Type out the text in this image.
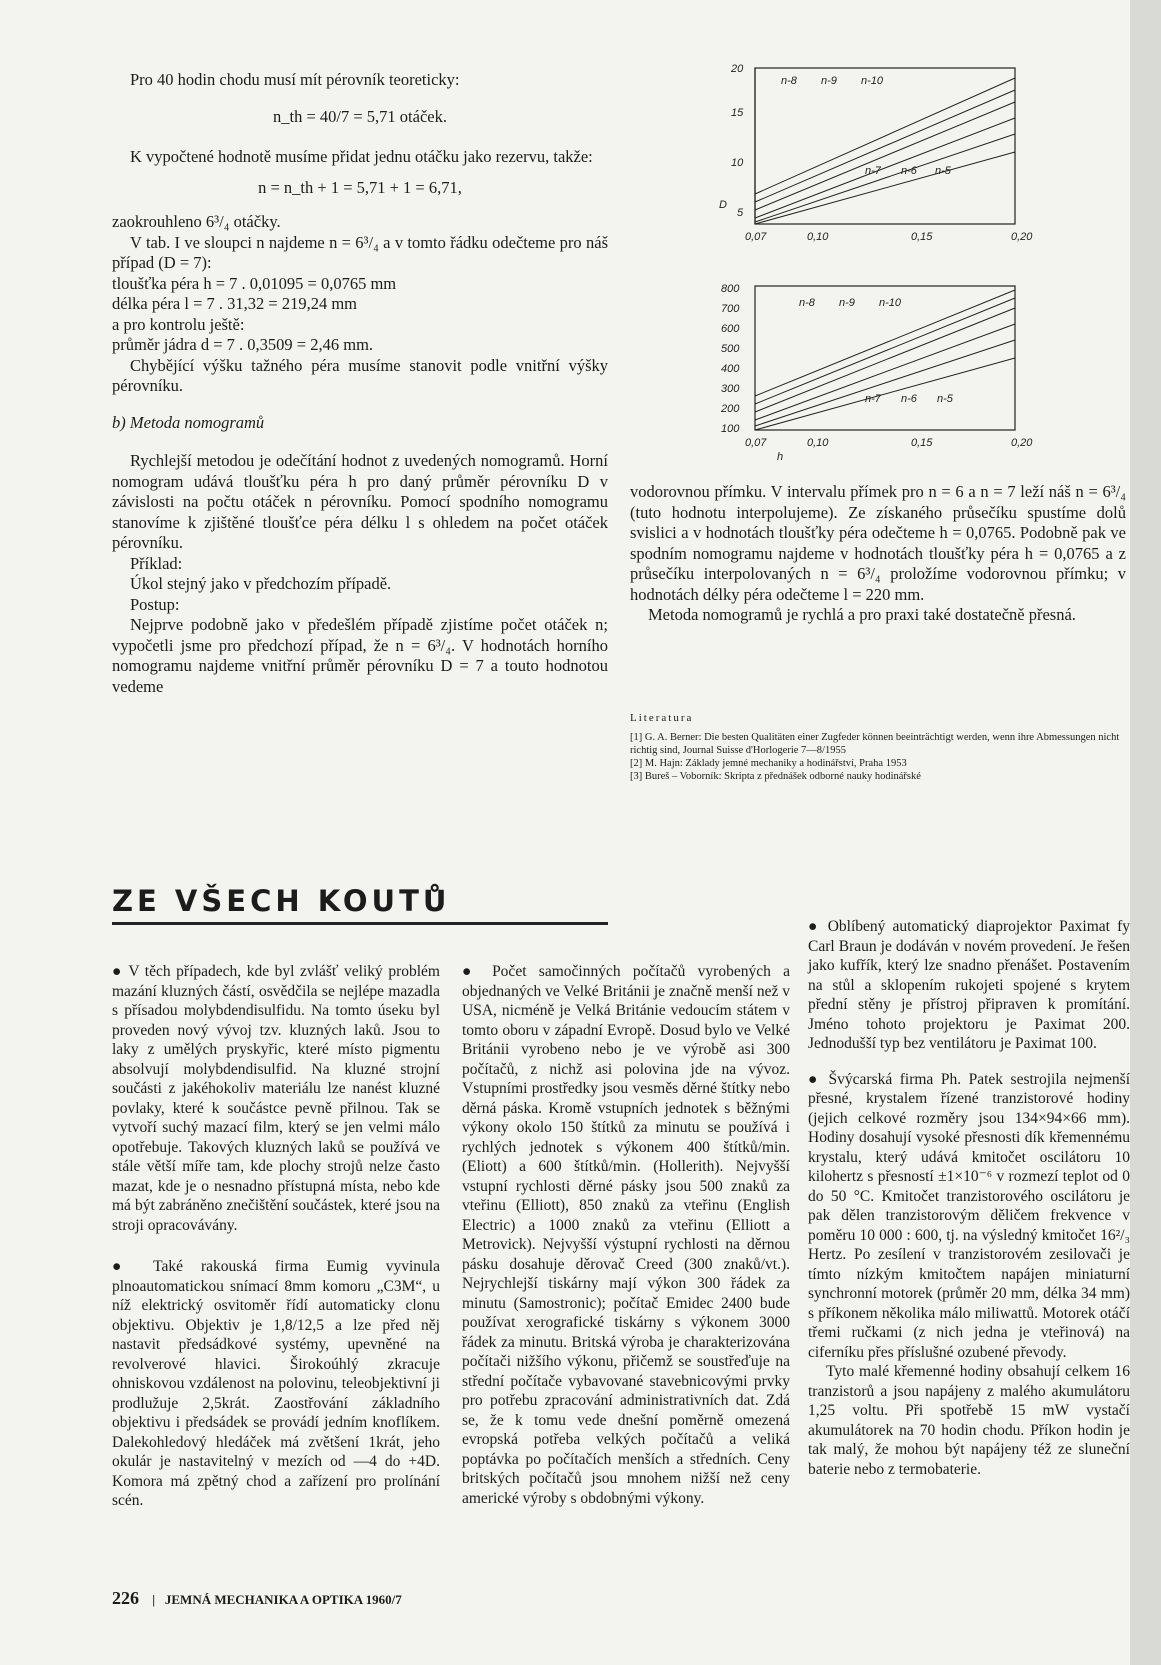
Pro 40 hodin chodu musí mít pérovník teoreticky:

n_th = 40/7 = 5,71 otáček.

K vypočtené hodnotě musíme přidat jednu otáčku jako rezervu, takže:

n = n_th + 1 = 5,71 + 1 = 6,71,

zaokrouhleno 6³/₄ otáčky.

V tab. I ve sloupci n najdeme n = 6³/₄ a v tomto řádku odečteme pro náš případ (D = 7):

tloušťka péra h = 7 . 0,01095 = 0,0765 mm

délka péra l = 7 . 31,32 = 219,24 mm

a pro kontrolu ještě:

průměr jádra d = 7 . 0,3509 = 2,46 mm.

Chybějící výšku tažného péra musíme stanovit podle vnitřní výšky pérovníku.

b) Metoda nomogramů

Rychlejší metodou je odečítání hodnot z uvedených nomogramů. Horní nomogram udává tloušťku péra h pro daný průměr pérovníku D v závislosti na počtu otáček n pérovníku. Pomocí spodního nomogramu stanovíme k zjištěné tloušťce péra délku l s ohledem na počet otáček pérovníku.

Příklad:

Úkol stejný jako v předchozím případě.

Postup:

Nejprve podobně jako v předešlém případě zjistíme počet otáček n; vypočetli jsme pro předchozí případ, že n = 6³/₄. V hodnotách horního nomogramu najdeme vnitřní průměr pérovníku D = 7 a touto hodnotou vedeme

20
15
10
5
D
0,07	0,10	0,15	0,20
n-8 n-9 n-10
n-7 n-6 n-5
800
700
600
500
400
300
200
100
0,07	0,10	0,15	0,20
h
n-8 n-9 n-10
n-7 n-6 n-5

vodorovnou přímku. V intervalu přímek pro n = 6 a n = 7 leží náš n = 6³/₄ (tuto hodnotu interpolujeme). Ze získaného průsečíku spustíme dolů svislici a v hodnotách tloušťky péra odečteme h = 0,0765. Podobně pak ve spodním nomogramu najdeme v hodnotách tloušťky péra h = 0,0765 a z průsečíku interpolovaných n = 6³/₄ proložíme vodorovnou přímku; v hodnotách délky péra odečteme l = 220 mm.

Metoda nomogramů je rychlá a pro praxi také dostatečně přesná.

Literatura
[1] G. A. Berner: Die besten Qualitäten einer Zugfeder können beeinträchtigt werden, wenn ihre Abmessungen nicht richtig sind, Journal Suisse d'Horlogerie 7—8/1955
[2] M. Hajn: Základy jemné mechaniky a hodinářství, Praha 1953
[3] Bureš – Voborník: Skripta z přednášek odborné nauky hodinářské
ZE VŠECH KOUTŮ

● V těch případech, kde byl zvlášť veliký problém mazání kluzných částí, osvědčila se nejlépe mazadla s přísadou molybdendisulfidu. Na tomto úseku byl proveden nový vývoj tzv. kluzných laků. Jsou to laky z umělých pryskyřic, které místo pigmentu absolvují molybdendisulfid. Na kluzné strojní součásti z jakéhokoliv materiálu lze nanést kluzné povlaky, které k součástce pevně přilnou. Tak se vytvoří suchý mazací film, který se jen velmi málo opotřebuje. Takových kluzných laků se používá ve stále větší míře tam, kde plochy strojů nelze často mazat, kde je o nesnadno přístupná místa, nebo kde má být zabráněno znečištění součástek, které jsou na stroji opracovávány.

● Také rakouská firma Eumig vyvinula plnoautomatickou snímací 8mm komoru „C3M“, u níž elektrický osvitoměr řídí automaticky clonu objektivu. Objektiv je 1,8/12,5 a lze před něj nastavit předsádkové systémy, upevněné na revolverové hlavici. Širokoúhlý zkracuje ohniskovou vzdálenost na polovinu, teleobjektivní ji prodlužuje 2,5krát. Zaostřování základního objektivu i předsádek se provádí jedním knoflíkem. Dalekohledový hledáček má zvětšení 1krát, jeho okulár je nastavitelný v mezích od —4 do +4D. Komora má zpětný chod a zařízení pro prolínání scén.

● Počet samočinných počítačů vyrobených a objednaných ve Velké Británii je značně menší než v USA, nicméně je Velká Británie vedoucím státem v tomto oboru v západní Evropě. Dosud bylo ve Velké Británii vyrobeno nebo je ve výrobě asi 300 počítačů, z nichž asi polovina jde na vývoz. Vstupními prostředky jsou vesměs děrné štítky nebo děrná páska. Kromě vstupních jednotek s běžnými výkony okolo 150 štítků za minutu se používá i rychlých jednotek s výkonem 400 štítků/min. (Eliott) a 600 štítků/min. (Hollerith). Nejvyšší vstupní rychlosti děrné pásky jsou 500 znaků za vteřinu (Elliott), 850 znaků za vteřinu (English Electric) a 1000 znaků za vteřinu (Elliott a Metrovick). Nejvyšší výstupní rychlosti na děrnou pásku dosahuje děrovač Creed (300 znaků/vt.). Nejrychlejší tiskárny mají výkon 300 řádek za minutu (Samostronic); počítač Emidec 2400 bude používat xerografické tiskárny s výkonem 3000 řádek za minutu. Britská výroba je charakterizována počítači nižšího výkonu, přičemž se soustřeďuje na střední počítače vybavované stavebnicovými prvky pro potřebu zpracování administrativních dat. Zdá se, že k tomu vede dnešní poměrně omezená evropská potřeba velkých počítačů a veliká poptávka po počítačích menších a středních. Ceny britských počítačů jsou mnohem nižší než ceny americké výroby s obdobnými výkony.

● Oblíbený automatický diaprojektor Paximat fy Carl Braun je dodáván v novém provedení. Je řešen jako kufřík, který lze snadno přenášet. Postavením na stůl a sklopením rukojeti spojené s krytem přední stěny je přístroj připraven k promítání. Jméno tohoto projektoru je Paximat 200. Jednodušší typ bez ventilátoru je Paximat 100.

● Švýcarská firma Ph. Patek sestrojila nejmenší přesné, krystalem řízené tranzistorové hodiny (jejich celkové rozměry jsou 134×94×66 mm). Hodiny dosahují vysoké přesnosti dík křemennému krystalu, který udává kmitočet oscilátoru 10 kilohertz s přesností ±1×10⁻⁶ v rozmezí teplot od 0 do 50 °C. Kmitočet tranzistorového oscilátoru je pak dělen tranzistorovým děličem frekvence v poměru 10 000 : 600, tj. na výsledný kmitočet 16²/₃ Hertz. Po zesílení v tranzistorovém zesilovači je tímto nízkým kmitočtem napájen miniaturní synchronní motorek (průměr 20 mm, délka 34 mm) s příkonem několika málo miliwattů. Motorek otáčí třemi ručkami (z nich jedna je vteřinová) na ciferníku přes příslušné ozubené převody.

Tyto malé křemenné hodiny obsahují celkem 16 tranzistorů a jsou napájeny z malého akumulátoru 1,25 voltu. Při spotřebě 15 mW vystačí akumulátorek na 70 hodin chodu. Příkon hodin je tak malý, že mohou být napájeny též ze sluneční baterie nebo z termobaterie.

226 |   JEMNÁ MECHANIKA A OPTIKA 1960/7
